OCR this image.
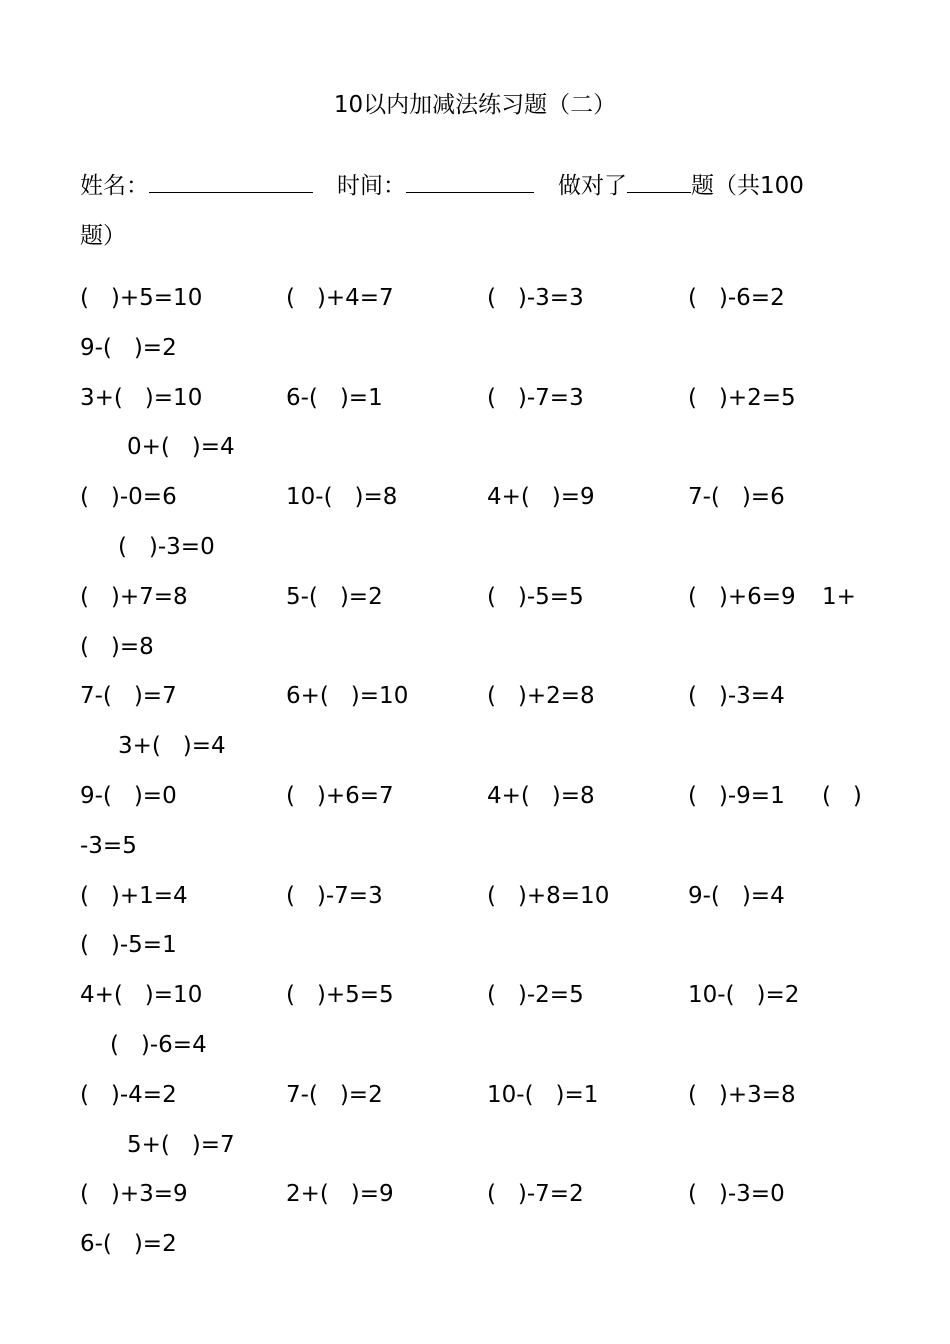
10以内加减法练习题（二）
姓名：	时间：	做对了	题（共100
题）
(   )+5=10	(   )+4=7	(   )-3=3	(   )-6=2
9-(   )=2
3+(   )=10	6-(   )=1	(   )-7=3	(   )+2=5
0+(   )=4
(   )-0=6	10-(   )=8	4+(   )=9	7-(   )=6
(   )-3=0
(   )+7=8	5-(   )=2	(   )-5=5	(   )+6=9 1+
(   )=8
7-(   )=7	6+(   )=10	(   )+2=8	(   )-3=4
3+(   )=4
9-(   )=0	(   )+6=7	4+(   )=8	(   )-9=1 (   )
-3=5
(   )+1=4	(   )-7=3	(   )+8=10	9-(   )=4
(   )-5=1
4+(   )=10	(   )+5=5	(   )-2=5	10-(   )=2
(   )-6=4
(   )-4=2	7-(   )=2	10-(   )=1	(   )+3=8
5+(   )=7
(   )+3=9	2+(   )=9	(   )-7=2	(   )-3=0
6-(   )=2
